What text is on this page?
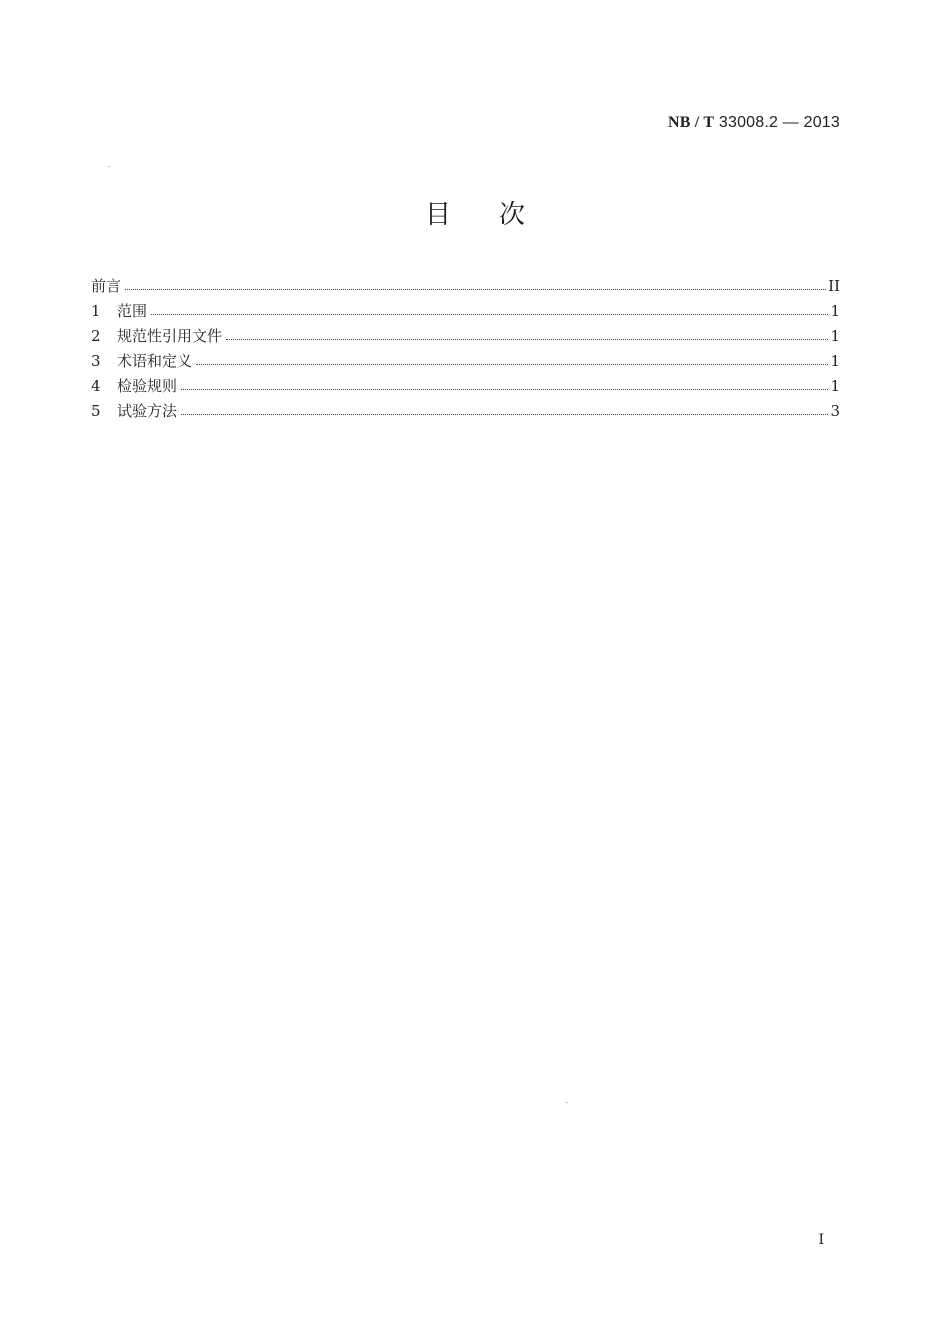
NB / T 33008.2 — 2013
目次
前言	II
1	范围	1
2	规范性引用文件	1
3	术语和定义	1
4	检验规则	1
5	试验方法	3
I
